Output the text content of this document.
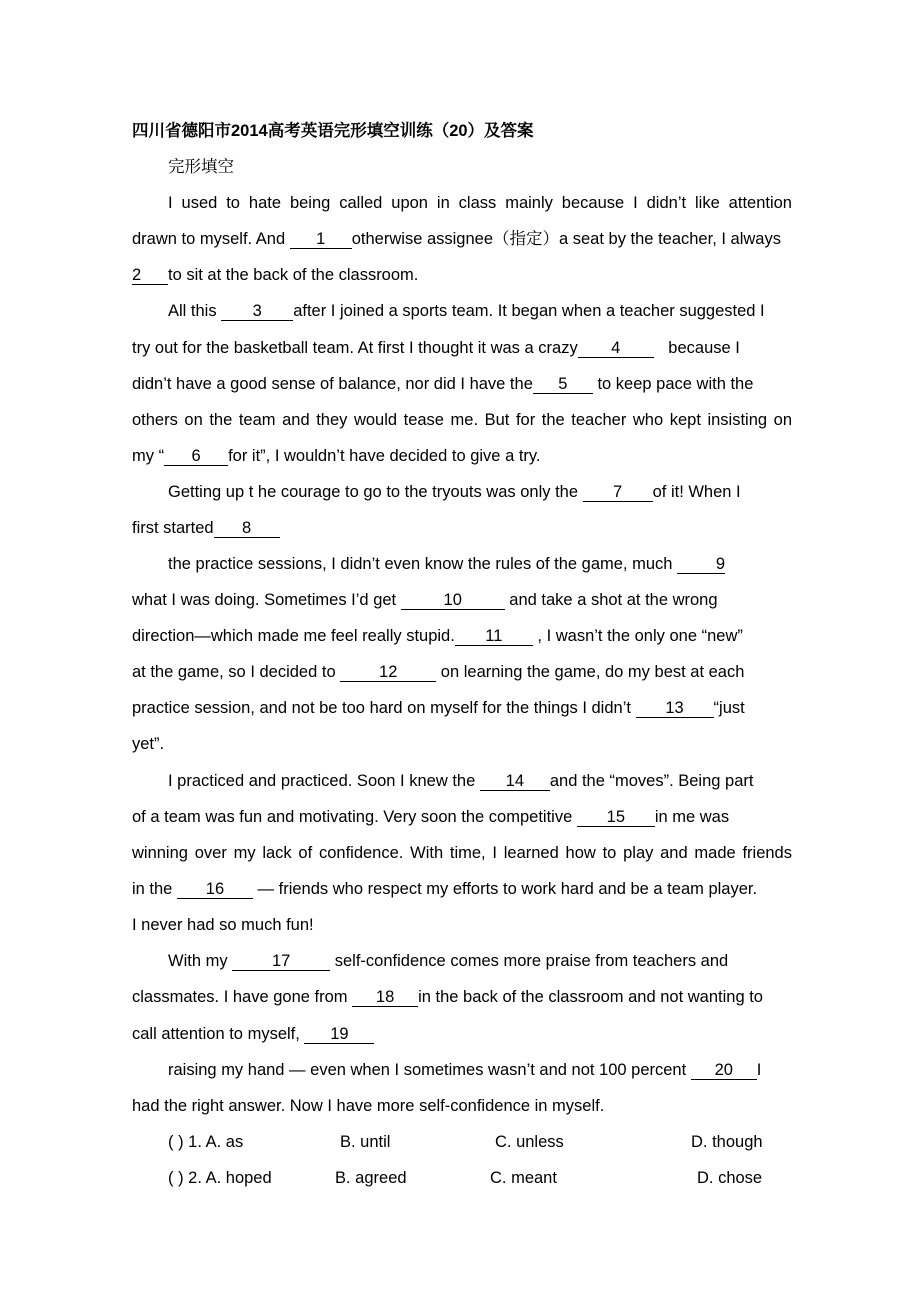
四川省德阳市2014高考英语完形填空训练（20）及答案
完形填空
I used to hate being called upon in class mainly because I didn’t like attention
drawn to myself. And 1 otherwise assignee（指定）a seat by the teacher, I always
2 to sit at the back of the classroom.
All this 3 after I joined a sports team. It began when a teacher suggested I
try out for the basketball team. At first I thought it was a crazy 4	because I
didn’t have a good sense of balance, nor did I have the 5 to keep pace with the
others on the team and they would tease me. But for the teacher who kept insisting on
my “ 6 for it”, I wouldn’t have decided to give a try.
Getting up t he courage to go to the tryouts was only the 7 of it! When I
first started 8
the practice sessions, I didn’t even know the rules of the game, much 9
what I was doing. Sometimes I’d get	10	and take a shot at the wrong
direction—which made me feel really stupid. 11 , I wasn’t the only one “new”
at the game, so I decided to 12 on learning the game, do my best at each
practice session, and not be too hard on myself for the things I didn’t 13 “just
yet”.
I practiced and practiced. Soon I knew the 14 and the “moves”. Being part
of a team was fun and motivating. Very soon the competitive 15 in me was
winning over my lack of confidence. With time, I learned how to play and made friends
in the 16 — friends who respect my efforts to work hard and be a team player.
I never had so much fun!
With my 17 self-confidence comes more praise from teachers and
classmates. I have gone from 18 in the back of the classroom and not wanting to
call attention to myself, 19
raising my hand — even when I sometimes wasn’t and not 100 percent 20 I
had the right answer. Now I have more self-confidence in myself.
( ) 1. A. as	B. until	C. unless	D. though
( ) 2. A. hoped	B. agreed	C. meant	D. chose
